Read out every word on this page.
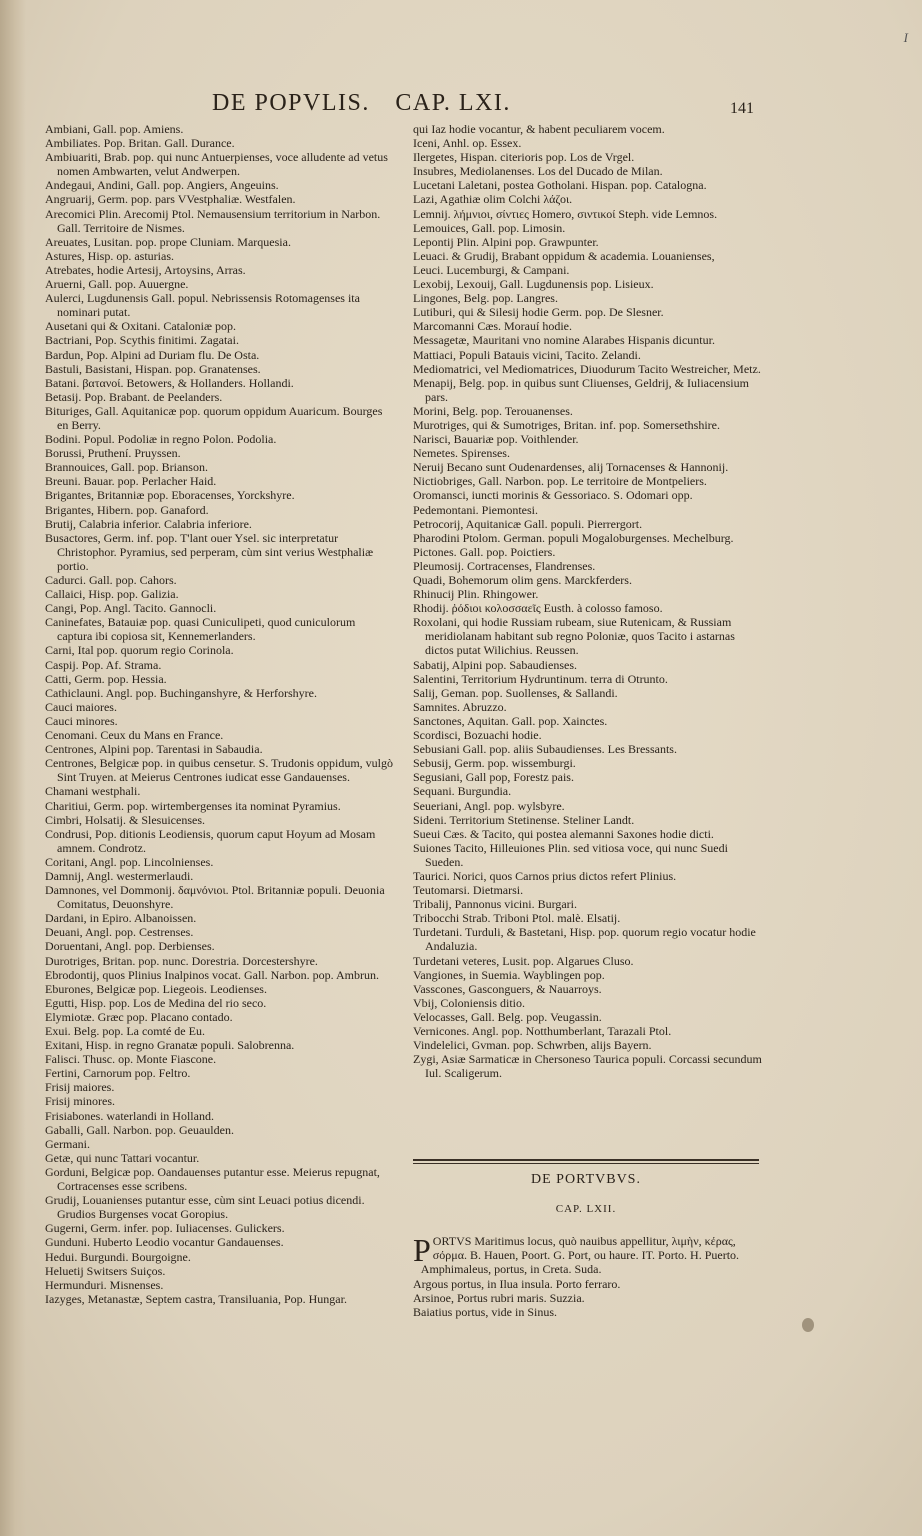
I
DE POPVLIS. CAP. LXI.	141

Ambiani, Gall. pop. Amiens.

Ambiliates. Pop. Britan. Gall. Durance.

Ambiuariti, Brab. pop. qui nunc Antuerpienses, voce alludente ad vetus nomen Ambwarten, velut Andwerpen.

Andegaui, Andini, Gall. pop. Angiers, Angeuins.

Angruarij, Germ. pop. pars VVestphaliæ. Westfalen.

Arecomici Plin. Arecomij Ptol. Nemausensium territorium in Narbon. Gall. Territoire de Nismes.

Areuates, Lusitan. pop. prope Cluniam. Marquesia.

Astures, Hisp. op. asturias.

Atrebates, hodie Artesij, Artoysins, Arras.

Aruerni, Gall. pop. Auuergne.

Aulerci, Lugdunensis Gall. popul. Nebrissensis Rotomagenses ita nominari putat.

Ausetani qui & Oxitani. Cataloniæ pop.

Bactriani, Pop. Scythis finitimi. Zagatai.

Bardun, Pop. Alpini ad Duriam flu. De Osta.

Bastuli, Basistani, Hispan. pop. Granatenses.

Batani. βατανοί. Betowers, & Hollanders. Hollandi.

Betasij. Pop. Brabant. de Peelanders.

Bituriges, Gall. Aquitanicæ pop. quorum oppidum Auaricum. Bourges en Berry.

Bodini. Popul. Podoliæ in regno Polon. Podolia.

Borussi, Pruthení. Pruyssen.

Brannouices, Gall. pop. Brianson.

Breuni. Bauar. pop. Perlacher Haid.

Brigantes, Britanniæ pop. Eboracenses, Yorckshyre.

Brigantes, Hibern. pop. Ganaford.

Brutij, Calabria inferior. Calabria inferiore.

Busactores, Germ. inf. pop. T'lant ouer Ysel. sic interpretatur Christophor. Pyramius, sed perperam, cùm sint verius Westphaliæ portio.

Cadurci. Gall. pop. Cahors.

Callaici, Hisp. pop. Galizia.

Cangi, Pop. Angl. Tacito. Gannocli.

Caninefates, Batauiæ pop. quasi Cuniculipeti, quod cuniculorum captura ibi copiosa sit, Kennemerlanders.

Carni, Ital pop. quorum regio Corinola.

Caspij. Pop. Af. Strama.

Catti, Germ. pop. Hessia.

Cathiclauni. Angl. pop. Buchinganshyre, & Herforshyre.

Cauci maiores.

Cauci minores.

Cenomani. Ceux du Mans en France.

Centrones, Alpini pop. Tarentasi in Sabaudia.

Centrones, Belgicæ pop. in quibus censetur. S. Trudonis oppidum, vulgò Sint Truyen. at Meierus Centrones iudicat esse Gandauenses.

Chamani westphali.

Charitiui, Germ. pop. wirtembergenses ita nominat Pyramius.

Cimbri, Holsatij. & Slesuicenses.

Condrusi, Pop. ditionis Leodiensis, quorum caput Hoyum ad Mosam amnem. Condrotz.

Coritani, Angl. pop. Lincolnienses.

Damnij, Angl. westermerlaudi.

Damnones, vel Dommonij. δαμνόνιοι. Ptol. Britanniæ populi. Deuonia Comitatus, Deuonshyre.

Dardani, in Epiro. Albanoissen.

Deuani, Angl. pop. Cestrenses.

Doruentani, Angl. pop. Derbienses.

Durotriges, Britan. pop. nunc. Dorestria. Dorcestershyre.

Ebrodontij, quos Plinius Inalpinos vocat. Gall. Narbon. pop. Ambrun.

Eburones, Belgicæ pop. Liegeois. Leodienses.

Egutti, Hisp. pop. Los de Medina del rio seco.

Elymiotæ. Græc pop. Placano contado.

Exui. Belg. pop. La comté de Eu.

Exitani, Hisp. in regno Granatæ populi. Salobrenna.

Falisci. Thusc. op. Monte Fiascone.

Fertini, Carnorum pop. Feltro.

Frisij maiores.

Frisij minores.

Frisiabones. waterlandi in Holland.

Gaballi, Gall. Narbon. pop. Geuaulden.

Germani.

Getæ, qui nunc Tattari vocantur.

Gorduni, Belgicæ pop. Oandauenses putantur esse. Meierus repugnat, Cortracenses esse scribens.

Grudij, Louanienses putantur esse, cùm sint Leuaci potius dicendi. Grudios Burgenses vocat Goropius.

Gugerni, Germ. infer. pop. Iuliacenses. Gulickers.

Gunduni. Huberto Leodio vocantur Gandauenses.

Hedui. Burgundi. Bourgoigne.

Heluetij Switsers Suiços.

Hermunduri. Misnenses.

Iazyges, Metanastæ, Septem castra, Transiluania, Pop. Hungar.

qui Iaz hodie vocantur, & habent peculiarem vocem.

Iceni, Anhl. op. Essex.

Ilergetes, Hispan. citerioris pop. Los de Vrgel.

Insubres, Mediolanenses. Los del Ducado de Milan.

Lucetani Laletani, postea Gotholani. Hispan. pop. Catalogna.

Lazi, Agathiæ olim Colchi λάζοι.

Lemnij. λήμνιοι, σίντιες Homero, σιντικοί Steph. vide Lemnos.

Lemouices, Gall. pop. Limosin.

Lepontij Plin. Alpini pop. Grawpunter.

Leuaci. & Grudij, Brabant oppidum & academia. Louanienses,

Leuci. Lucemburgi, & Campani.

Lexobij, Lexouij, Gall. Lugdunensis pop. Lisieux.

Lingones, Belg. pop. Langres.

Lutiburi, qui & Silesij hodie Germ. pop. De Slesner.

Marcomanni Cæs. Morauí hodie.

Messagetæ, Mauritani vno nomine Alarabes Hispanis dicuntur.

Mattiaci, Populi Batauis vicini, Tacito. Zelandi.

Mediomatrici, vel Mediomatrices, Diuodurum Tacito Westreicher, Metz.

Menapij, Belg. pop. in quibus sunt Cliuenses, Geldrij, & Iuliacensium pars.

Morini, Belg. pop. Terouanenses.

Murotriges, qui & Sumotriges, Britan. inf. pop. Somersethshire.

Narisci, Bauariæ pop. Voithlender.

Nemetes. Spirenses.

Neruij Becano sunt Oudenardenses, alij Tornacenses & Hannonij.

Nictiobriges, Gall. Narbon. pop. Le territoire de Montpeliers.

Oromansci, iuncti morinis & Gessoriaco. S. Odomari opp.

Pedemontani. Piemontesi.

Petrocorij, Aquitanicæ Gall. populi. Pierrergort.

Pharodini Ptolom. German. populi Mogaloburgenses. Mechelburg.

Pictones. Gall. pop. Poictiers.

Pleumosij. Cortracenses, Flandrenses.

Quadi, Bohemorum olim gens. Marckferders.

Rhinucij Plin. Rhingower.

Rhodij. ῥόδιοι κολοσσαεῖς Eusth. à colosso famoso.

Roxolani, qui hodie Russiam rubeam, siue Rutenicam, & Russiam meridiolanam habitant sub regno Poloniæ, quos Tacito i astarnas dictos putat Wilichius. Reussen.

Sabatij, Alpini pop. Sabaudienses.

Salentini, Territorium Hydruntinum. terra di Otrunto.

Salij, Geman. pop. Suollenses, & Sallandi.

Samnites. Abruzzo.

Sanctones, Aquitan. Gall. pop. Xainctes.

Scordisci, Bozuachi hodie.

Sebusiani Gall. pop. aliis Subaudienses. Les Bressants.

Sebusij, Germ. pop. wissemburgi.

Segusiani, Gall pop, Forestz pais.

Sequani. Burgundia.

Seueriani, Angl. pop. wylsbyre.

Sideni. Territorium Stetinense. Steliner Landt.

Sueui Cæs. & Tacito, qui postea alemanni Saxones hodie dicti.

Suiones Tacito, Hilleuiones Plin. sed vitiosa voce, qui nunc Suedi Sueden.

Taurici. Norici, quos Carnos prius dictos refert Plinius.

Teutomarsi. Dietmarsi.

Tribalij, Pannonus vicini. Burgari.

Tribocchi Strab. Triboni Ptol. malè. Elsatij.

Turdetani. Turduli, & Bastetani, Hisp. pop. quorum regio vocatur hodie Andaluzia.

Turdetani veteres, Lusit. pop. Algarues Cluso.

Vangiones, in Suemia. Wayblingen pop.

Vasscones, Gasconguers, & Nauarroys.

Vbij, Coloniensis ditio.

Velocasses, Gall. Belg. pop. Veugassin.

Vernicones. Angl. pop. Notthumberlant, Tarazali Ptol.

Vindelelici, Gvman. pop. Schwrben, alijs Bayern.

Zygi, Asiæ Sarmaticæ in Chersoneso Taurica populi. Corcassi secundum Iul. Scaligerum.

DE PORTVBVS.
CAP. LXII.
P ORTVS Maritimus locus, quò nauibus appellitur, λιμὴν, κέρας, σόρμα. B. Hauen, Poort. G. Port, ou haure. IT. Porto. H. Puerto.

Amphimaleus, portus, in Creta. Suda.

Argous portus, in Ilua insula. Porto ferraro.

Arsinoe, Portus rubri maris. Suzzia.

Baiatius portus, vide in Sinus.
